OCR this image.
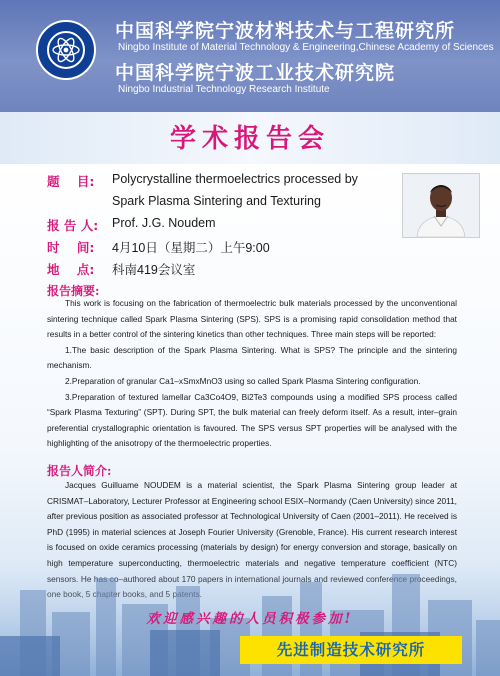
中国科学院宁波材料技术与工程研究所
Ningbo Institute of Material Technology & Engineering,Chinese Academy of Sciences
中国科学院宁波工业技术研究院
Ningbo Industrial Technology Research Institute
学术报告会
题    目: Polycrystalline thermoelectrics processed by
Spark Plasma Sintering and Texturing
报 告 人: Prof. J.G. Noudem
时    间: 4月10日（星期二）上午9:00
地    点: 科南419会议室
报告摘要:

This work is focusing on the fabrication of thermoelectric bulk materials processed by the unconventional sintering technique called Spark Plasma Sintering (SPS). SPS is a promising rapid consolidation method that results in a better control of the sintering kinetics than other techniques. Three main steps will be reported:

1.The basic description of the Spark Plasma Sintering. What is SPS? The principle and the sintering mechanism.

2.Preparation of granular Ca1–xSmxMnO3 using so called Spark Plasma Sintering configuration.

3.Preparation of textured lamellar Ca3Co4O9, Bi2Te3 compounds using a modified SPS process called “Spark Plasma Texturing” (SPT). During SPT, the bulk material can freely deform itself. As a result, inter–grain preferential crystallographic orientation is favoured. The SPS versus SPT properties will be analysed with the highlighting of the anisotropy of the thermoelectric properties.

报告人简介:

Jacques Guilluame NOUDEM is a material scientist, the Spark Plasma Sintering group leader at CRISMAT–Laboratory, Lecturer Professor at Engineering school ESIX–Normandy (Caen University) since 2011, after previous position as associated professor at Technological University of Caen (2001–2011). He received is PhD (1995) in material sciences at Joseph Fourier University (Grenoble, France). His current research interest is focused on oxide ceramics processing (materials by design) for energy conversion and storage, basically on

欢迎感兴趣的人员积极参加!
先进制造技术研究所
